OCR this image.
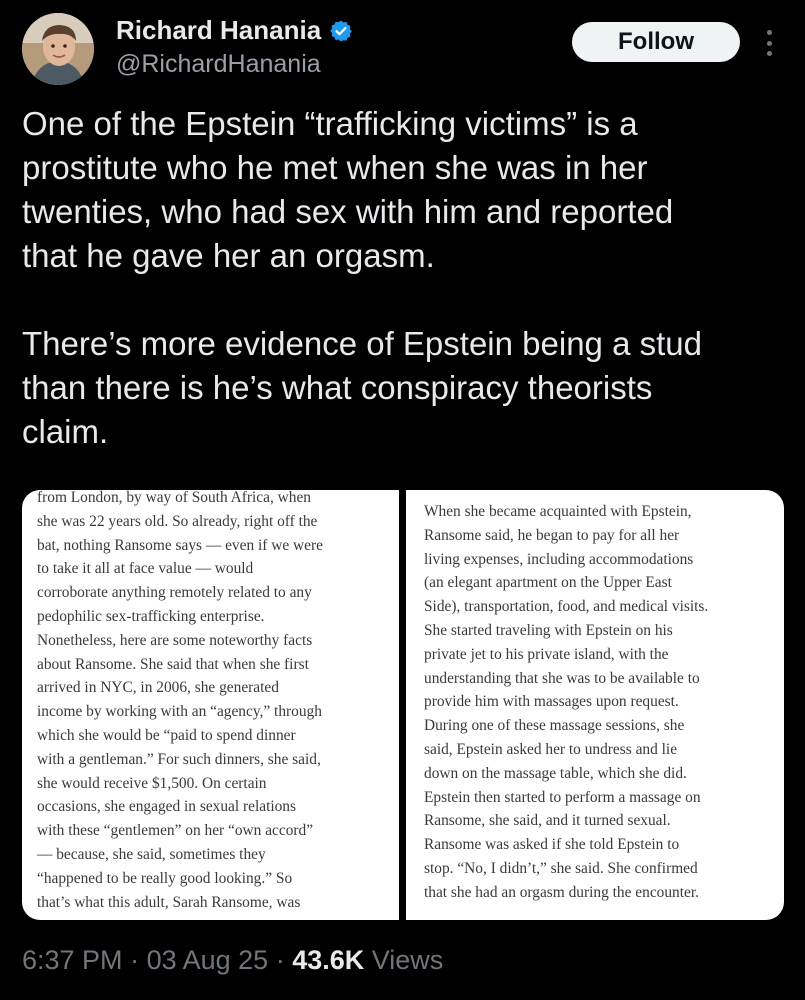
Richard Hanania
@RichardHanania
Follow

One of the Epstein “trafficking victims” is a

prostitute who he met when she was in her

twenties, who had sex with him and reported

that he gave her an orgasm.

There’s more evidence of Epstein being a stud

than there is he’s what conspiracy theorists

claim.

from London, by way of South Africa, when

she was 22 years old. So already, right off the

bat, nothing Ransome says — even if we were

to take it all at face value — would

corroborate anything remotely related to any

pedophilic sex-trafficking enterprise.

Nonetheless, here are some noteworthy facts

about Ransome. She said that when she first

arrived in NYC, in 2006, she generated

income by working with an “agency,” through

which she would be “paid to spend dinner

with a gentleman.” For such dinners, she said,

she would receive $1,500. On certain

occasions, she engaged in sexual relations

with these “gentlemen” on her “own accord”

— because, she said, sometimes they

“happened to be really good looking.” So

that’s what this adult, Sarah Ransome, was

When she became acquainted with Epstein,

Ransome said, he began to pay for all her

living expenses, including accommodations

(an elegant apartment on the Upper East

Side), transportation, food, and medical visits.

She started traveling with Epstein on his

private jet to his private island, with the

understanding that she was to be available to

provide him with massages upon request.

During one of these massage sessions, she

said, Epstein asked her to undress and lie

down on the massage table, which she did.

Epstein then started to perform a massage on

Ransome, she said, and it turned sexual.

Ransome was asked if she told Epstein to

stop. “No, I didn’t,” she said. She confirmed

that she had an orgasm during the encounter.

6:37 PM · 03 Aug 25 · 43.6K Views
